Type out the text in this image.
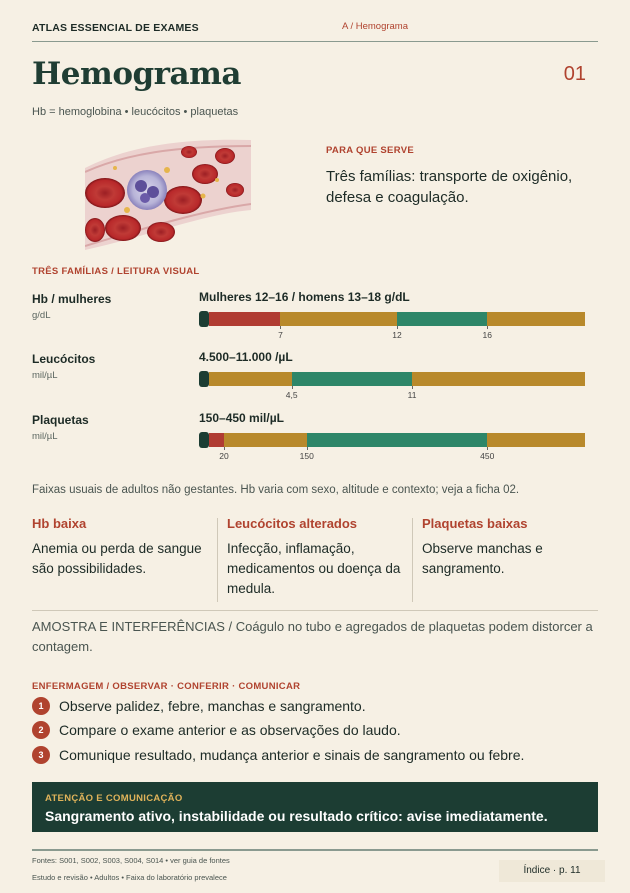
ATLAS ESSENCIAL DE EXAMES	A / Hemograma
Hemograma	01
Hb = hemoglobina • leucócitos • plaquetas
PARA QUE SERVE
Três famílias: transporte de oxigênio, defesa e coagulação.
TRÊS FAMÍLIAS / LEITURA VISUAL
Hb / mulheres
g/dL
Mulheres 12–16 / homens 13–18 g/dL
7	12	16
Leucócitos
mil/µL
4.500–11.000 /µL
4,5	11
Plaquetas
mil/µL
150–450 mil/µL
20	150	450
Faixas usuais de adultos não gestantes. Hb varia com sexo, altitude e contexto; veja a ficha 02.
Hb baixa

Anemia ou perda de sangue são possibilidades.

Leucócitos alterados

Infecção, inflamação, medicamentos ou doença da medula.

Plaquetas baixas

Observe manchas e sangramento.

AMOSTRA E INTERFERÊNCIAS / Coágulo no tubo e agregados de plaquetas podem distorcer a contagem.
ENFERMAGEM / OBSERVAR · CONFERIR · COMUNICAR
1	Observe palidez, febre, manchas e sangramento.
2	Compare o exame anterior e as observações do laudo.
3	Comunique resultado, mudança anterior e sinais de sangramento ou febre.
ATENÇÃO E COMUNICAÇÃO
Sangramento ativo, instabilidade ou resultado crítico: avise imediatamente.
Fontes: S001, S002, S003, S004, S014 • ver guia de fontes
Estudo e revisão • Adultos • Faixa do laboratório prevalece
Índice · p. 11
